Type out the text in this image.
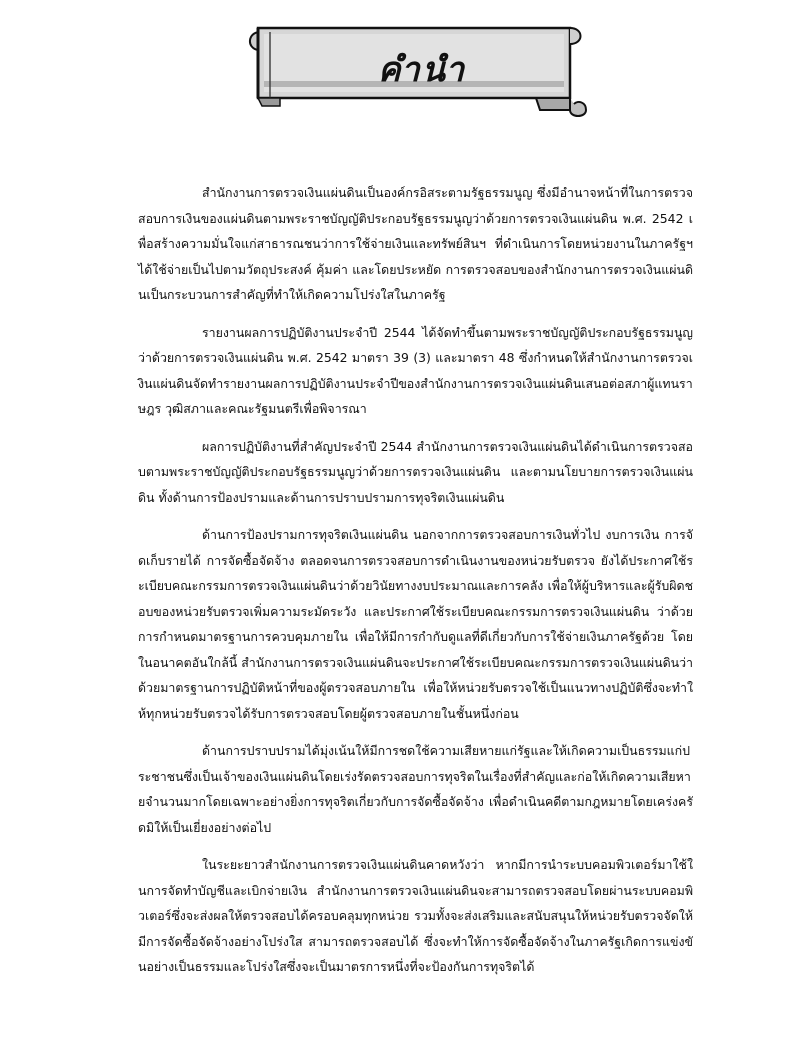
คำนำ

สำนักงานการตรวจเงินแผ่นดินเป็นองค์กรอิสระตามรัฐธรรมนูญ ซึ่งมีอำนาจหน้าที่ในการตรวจสอบการเงินของแผ่นดินตามพระราชบัญญัติประกอบรัฐธรรมนูญว่าด้วยการตรวจเงินแผ่นดิน พ.ศ. 2542 เพื่อสร้างความมั่นใจแก่สาธารณชนว่าการใช้จ่ายเงินและทรัพย์สินฯ ที่ดำเนินการโดยหน่วยงานในภาครัฐฯ ได้ใช้จ่ายเป็นไปตามวัตถุประสงค์ คุ้มค่า และโดยประหยัด การตรวจสอบของสำนักงานการตรวจเงินแผ่นดินเป็นกระบวนการสำคัญที่ทำให้เกิดความโปร่งใสในภาครัฐ

รายงานผลการปฏิบัติงานประจำปี 2544 ได้จัดทำขึ้นตามพระราชบัญญัติประกอบรัฐธรรมนูญว่าด้วยการตรวจเงินแผ่นดิน พ.ศ. 2542 มาตรา 39 (3) และมาตรา 48 ซึ่งกำหนดให้สำนักงานการตรวจเงินแผ่นดินจัดทำรายงานผลการปฏิบัติงานประจำปีของสำนักงานการตรวจเงินแผ่นดินเสนอต่อสภาผู้แทนราษฎร วุฒิสภาและคณะรัฐมนตรีเพื่อพิจารณา

ผลการปฏิบัติงานที่สำคัญประจำปี 2544 สำนักงานการตรวจเงินแผ่นดินได้ดำเนินการตรวจสอบตามพระราชบัญญัติประกอบรัฐธรรมนูญว่าด้วยการตรวจเงินแผ่นดิน และตามนโยบายการตรวจเงินแผ่นดิน ทั้งด้านการป้องปรามและด้านการปราบปรามการทุจริตเงินแผ่นดิน

ด้านการป้องปรามการทุจริตเงินแผ่นดิน นอกจากการตรวจสอบการเงินทั่วไป งบการเงิน การจัดเก็บรายได้ การจัดซื้อจัดจ้าง ตลอดจนการตรวจสอบการดำเนินงานของหน่วยรับตรวจ ยังได้ประกาศใช้ระเบียบคณะกรรมการตรวจเงินแผ่นดินว่าด้วยวินัยทางงบประมาณและการคลัง เพื่อให้ผู้บริหารและผู้รับผิดชอบของหน่วยรับตรวจเพิ่มความระมัดระวัง และประกาศใช้ระเบียบคณะกรรมการตรวจเงินแผ่นดิน ว่าด้วยการกำหนดมาตรฐานการควบคุมภายใน เพื่อให้มีการกำกับดูแลที่ดีเกี่ยวกับการใช้จ่ายเงินภาครัฐด้วย โดยในอนาคตอันใกล้นี้ สำนักงานการตรวจเงินแผ่นดินจะประกาศใช้ระเบียบคณะกรรมการตรวจเงินแผ่นดินว่าด้วยมาตรฐานการปฏิบัติหน้าที่ของผู้ตรวจสอบภายใน เพื่อให้หน่วยรับตรวจใช้เป็นแนวทางปฏิบัติซึ่งจะทำให้ทุกหน่วยรับตรวจได้รับการตรวจสอบโดยผู้ตรวจสอบภายในชั้นหนึ่งก่อน

ด้านการปราบปรามได้มุ่งเน้นให้มีการชดใช้ความเสียหายแก่รัฐและให้เกิดความเป็นธรรมแก่ประชาชนซึ่งเป็นเจ้าของเงินแผ่นดินโดยเร่งรัดตรวจสอบการทุจริตในเรื่องที่สำคัญและก่อให้เกิดความเสียหายจำนวนมากโดยเฉพาะอย่างยิ่งการทุจริตเกี่ยวกับการจัดซื้อจัดจ้าง เพื่อดำเนินคดีตามกฎหมายโดยเคร่งครัดมิให้เป็นเยี่ยงอย่างต่อไป

ในระยะยาวสำนักงานการตรวจเงินแผ่นดินคาดหวังว่า หากมีการนำระบบคอมพิวเตอร์มาใช้ในการจัดทำบัญชีและเบิกจ่ายเงิน สำนักงานการตรวจเงินแผ่นดินจะสามารถตรวจสอบโดยผ่านระบบคอมพิวเตอร์ซึ่งจะส่งผลให้ตรวจสอบได้ครอบคลุมทุกหน่วย รวมทั้งจะส่งเสริมและสนับสนุนให้หน่วยรับตรวจจัดให้มีการจัดซื้อจัดจ้างอย่างโปร่งใส สามารถตรวจสอบได้ ซึ่งจะทำให้การจัดซื้อจัดจ้างในภาครัฐเกิดการแข่งขันอย่างเป็นธรรมและโปร่งใสซึ่งจะเป็นมาตรการหนึ่งที่จะป้องกันการทุจริตได้
